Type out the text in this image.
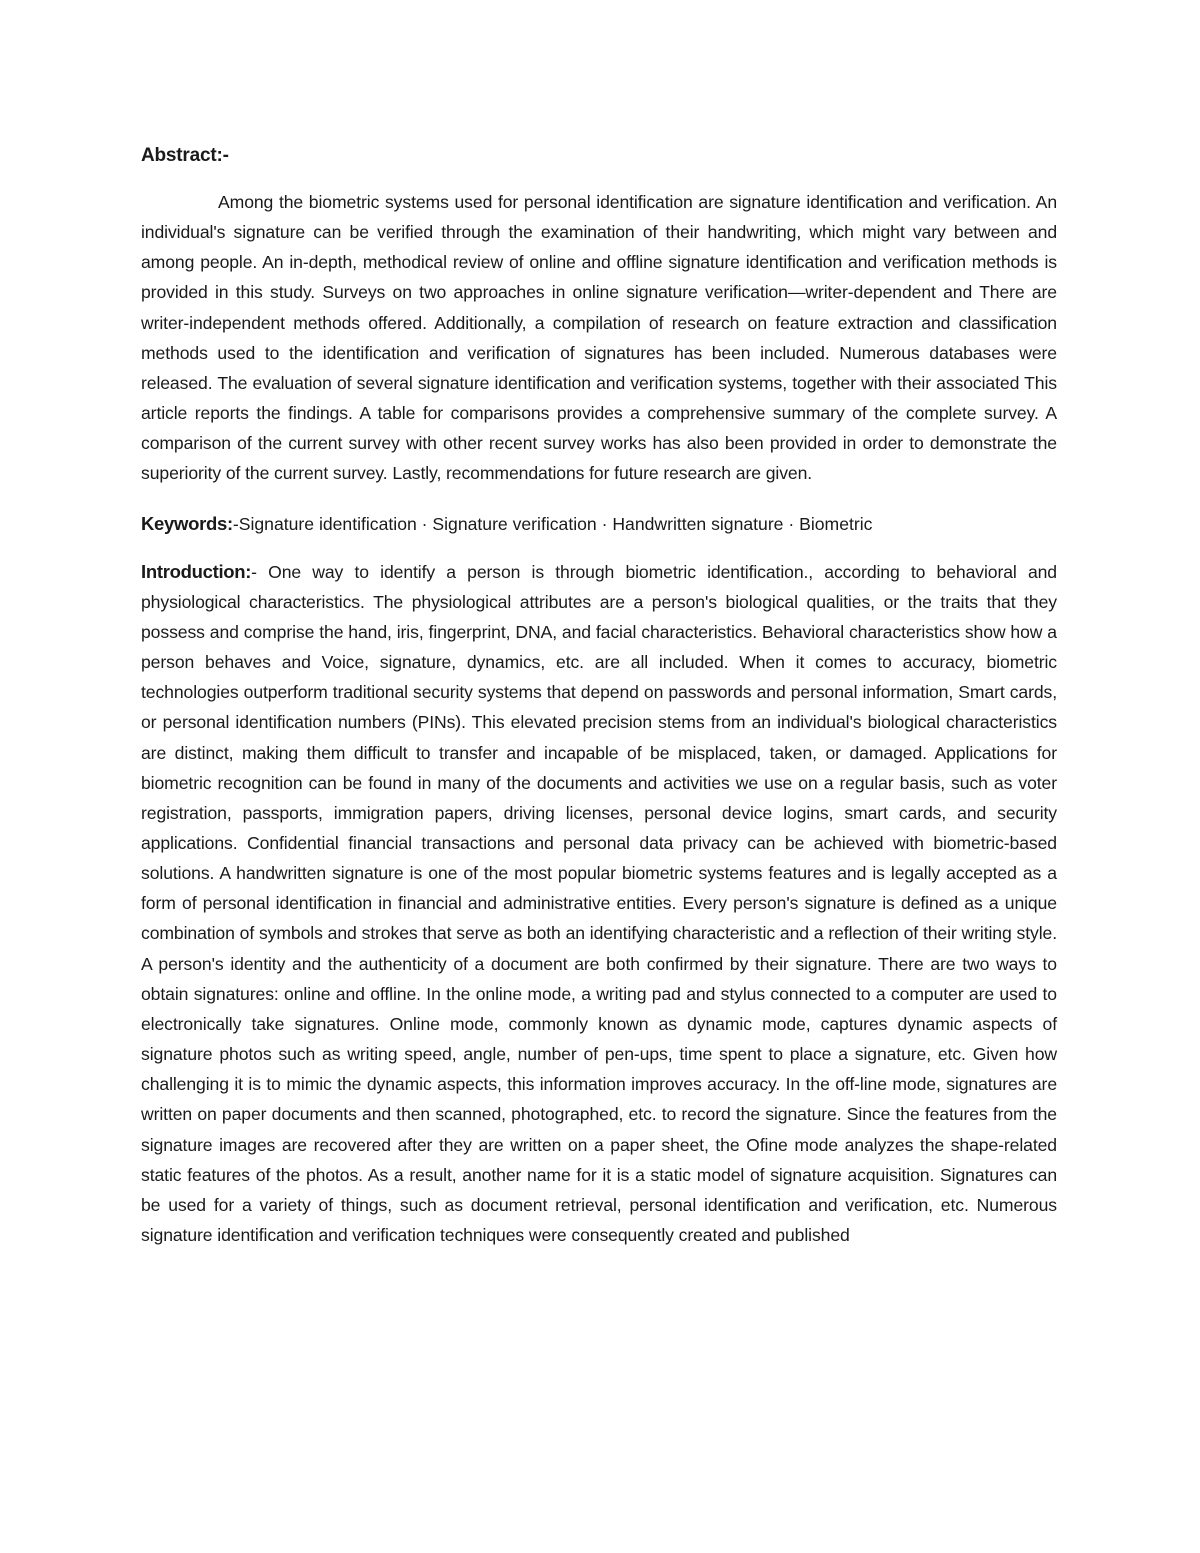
Abstract:-

Among the biometric systems used for personal identification are signature identification and verification. An individual's signature can be verified through the examination of their handwriting, which might vary between and among people. An in-depth, methodical review of online and offline signature identification and verification methods is provided in this study. Surveys on two approaches in online signature verification—writer-dependent and There are writer-independent methods offered. Additionally, a compilation of research on feature extraction and classification methods used to the identification and verification of signatures has been included. Numerous databases were released. The evaluation of several signature identification and verification systems, together with their associated This article reports the findings. A table for comparisons provides a comprehensive summary of the complete survey. A comparison of the current survey with other recent survey works has also been provided in order to demonstrate the superiority of the current survey. Lastly, recommendations for future research are given.

Keywords:-Signature identification · Signature verification · Handwritten signature · Biometric

Introduction:- One way to identify a person is through biometric identification., according to behavioral and physiological characteristics. The physiological attributes are a person's biological qualities, or the traits that they possess and comprise the hand, iris, fingerprint, DNA, and facial characteristics. Behavioral characteristics show how a person behaves and Voice, signature, dynamics, etc. are all included. When it comes to accuracy, biometric technologies outperform traditional security systems that depend on passwords and personal information, Smart cards, or personal identification numbers (PINs). This elevated precision stems from an individual's biological characteristics are distinct, making them difficult to transfer and incapable of be misplaced, taken, or damaged. Applications for biometric recognition can be found in many of the documents and activities we use on a regular basis, such as voter registration, passports, immigration papers, driving licenses, personal device logins, smart cards, and security applications. Confidential financial transactions and personal data privacy can be achieved with biometric-based solutions. A handwritten signature is one of the most popular biometric systems features and is legally accepted as a form of personal identification in financial and administrative entities. Every person's signature is defined as a unique combination of symbols and strokes that serve as both an identifying characteristic and a reflection of their writing style. A person's identity and the authenticity of a document are both confirmed by their signature. There are two ways to obtain signatures: online and offline. In the online mode, a writing pad and stylus connected to a computer are used to electronically take signatures. Online mode, commonly known as dynamic mode, captures dynamic aspects of signature photos such as writing speed, angle, number of pen-ups, time spent to place a signature, etc. Given how challenging it is to mimic the dynamic aspects, this information improves accuracy. In the off-line mode, signatures are written on paper documents and then scanned, photographed, etc. to record the signature. Since the features from the signature images are recovered after they are written on a paper sheet, the Ofine mode analyzes the shape-related static features of the photos. As a result, another name for it is a static model of signature acquisition. Signatures can be used for a variety of things, such as document retrieval, personal identification and verification, etc. Numerous signature identification and verification techniques were consequently created and published
